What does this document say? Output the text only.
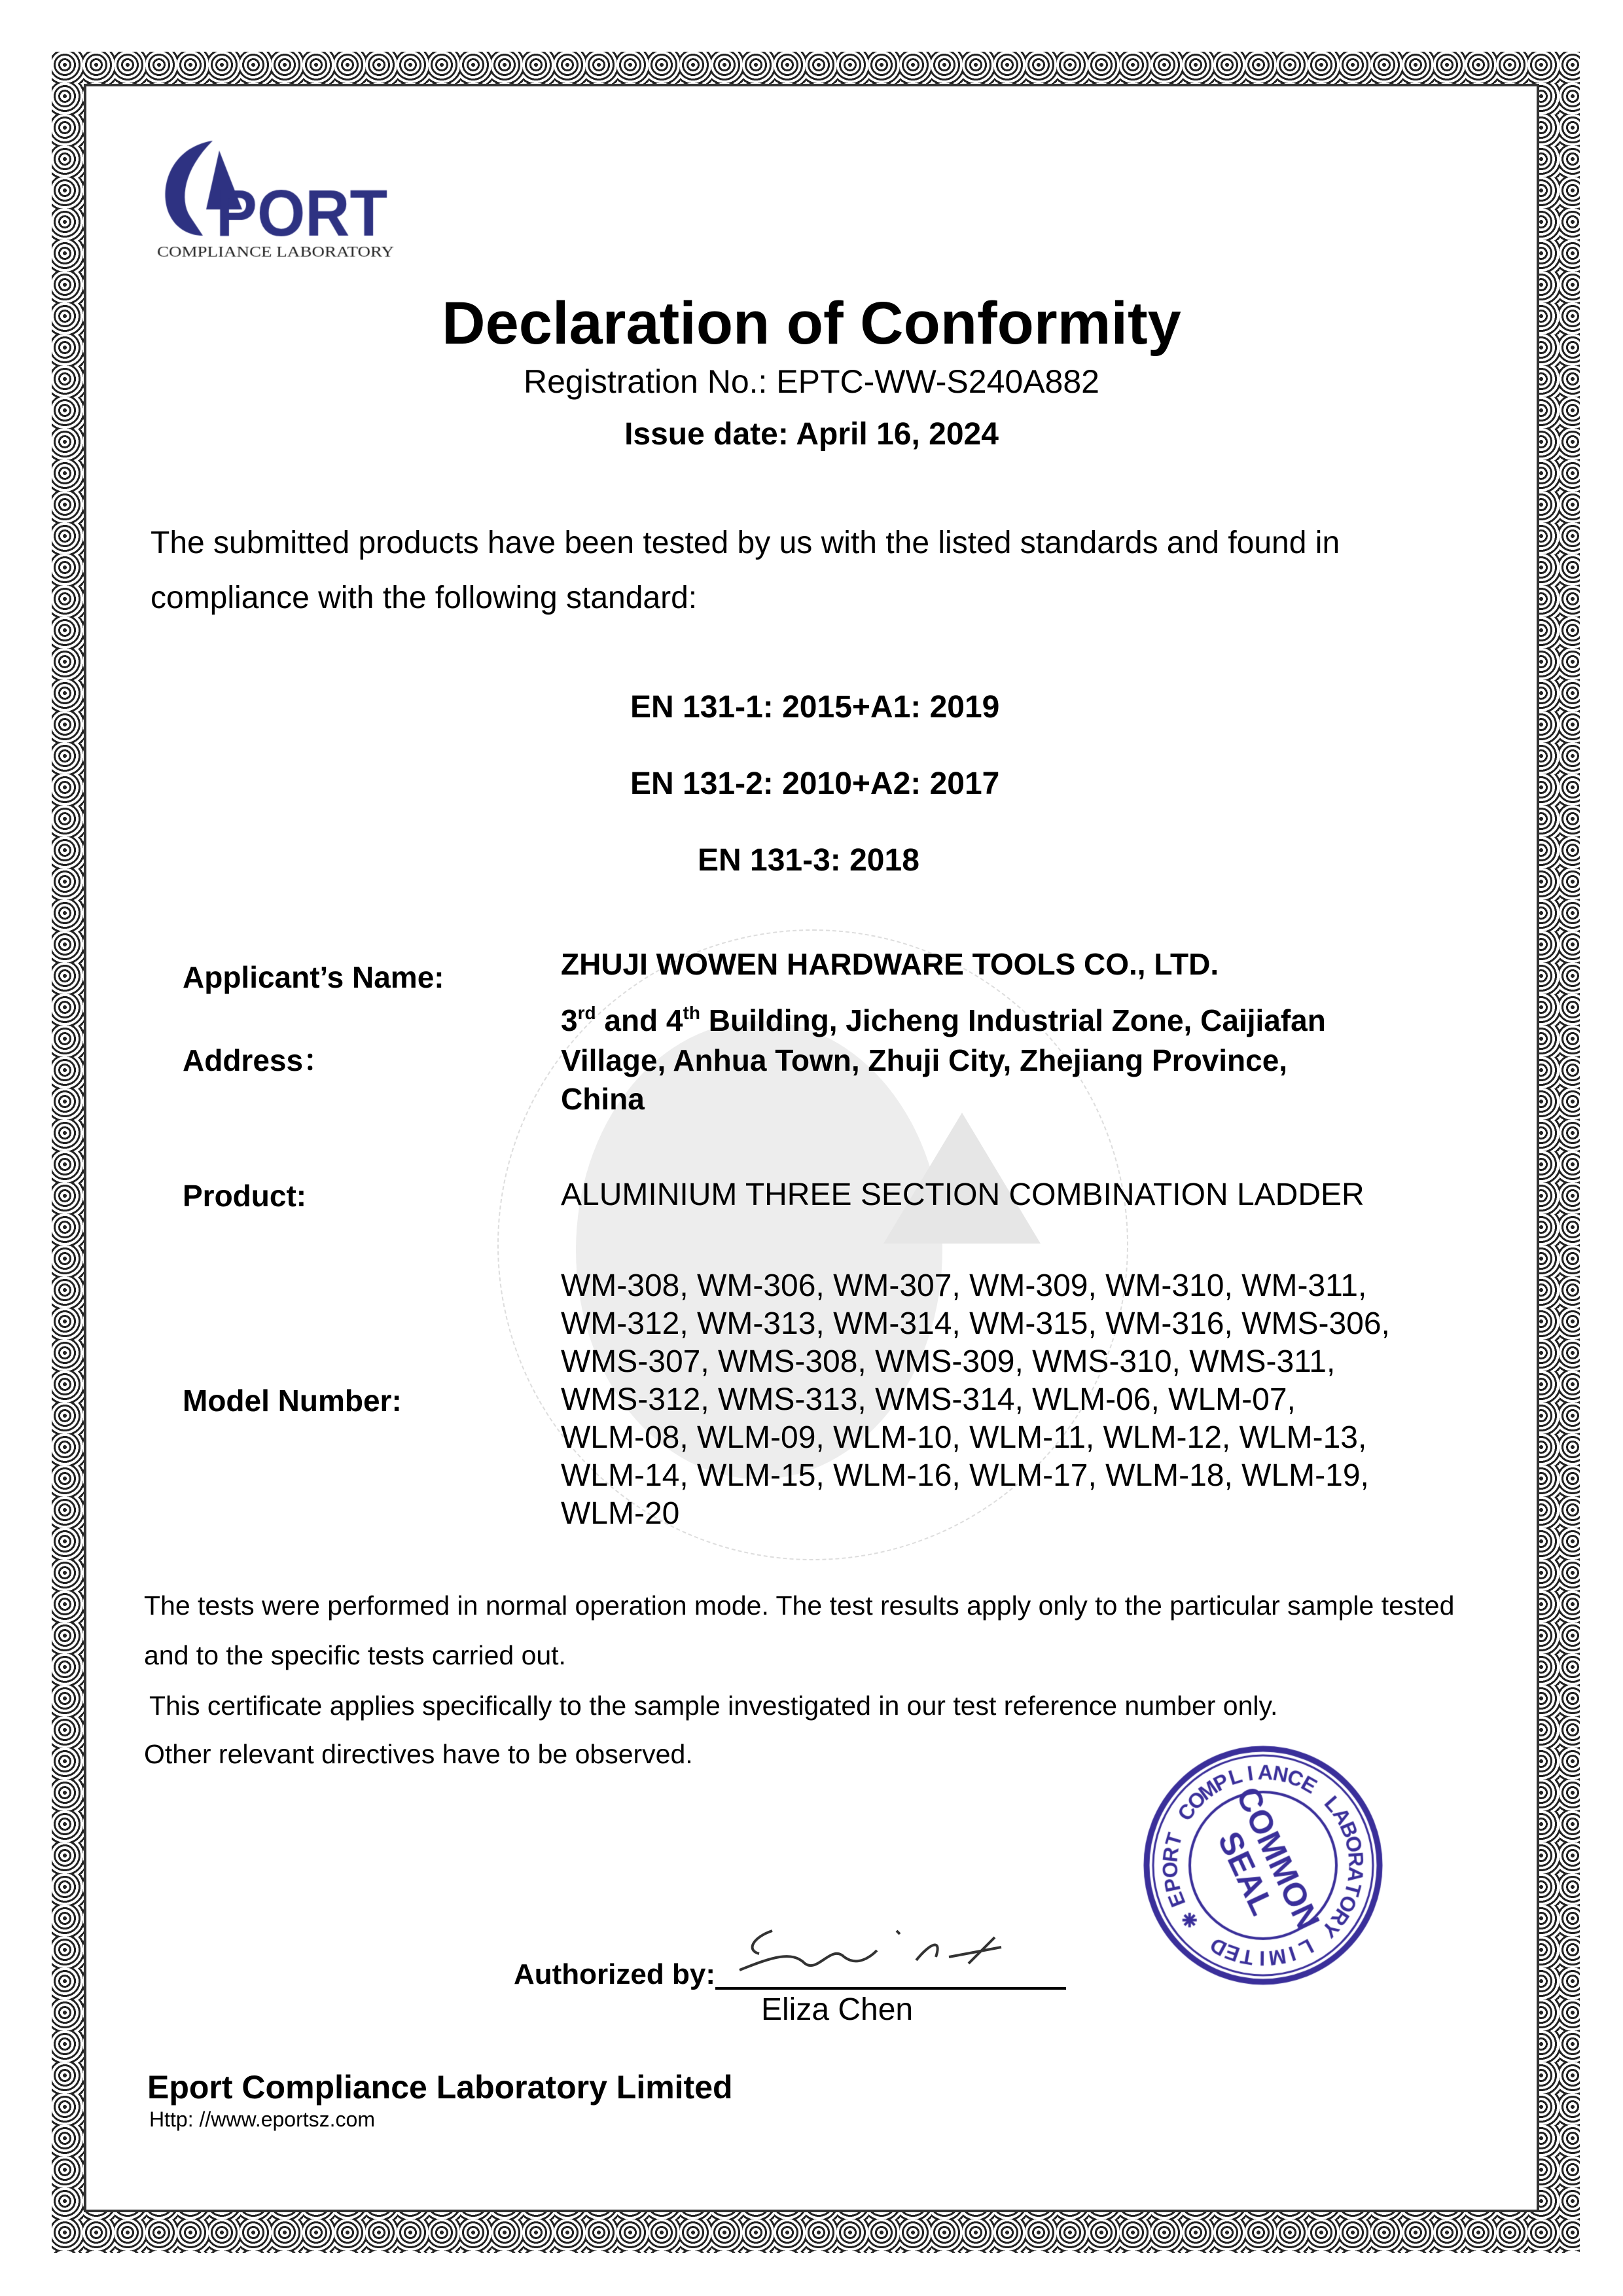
Declaration of Conformity
Registration No.: EPTC-WW-S240A882
Issue date: April 16, 2024
The submitted products have been tested by us with the listed standards and found in
compliance with the following standard:
EN 131-1: 2015+A1: 2019
EN 131-2: 2010+A2: 2017
EN 131-3: 2018
Applicant’s Name:	ZHUJI WOWEN HARDWARE TOOLS CO., LTD.
Address：
3rd and 4th Building, Jicheng Industrial Zone, Caijiafan
Village, Anhua Town, Zhuji City, Zhejiang Province,
China
Product:	ALUMINIUM THREE SECTION COMBINATION LADDER
Model Number:
WM-308, WM-306, WM-307, WM-309, WM-310, WM-311,
WM-312, WM-313, WM-314, WM-315, WM-316, WMS-306,
WMS-307, WMS-308, WMS-309, WMS-310, WMS-311,
WMS-312, WMS-313, WMS-314, WLM-06, WLM-07,
WLM-08, WLM-09, WLM-10, WLM-11, WLM-12, WLM-13,
WLM-14, WLM-15, WLM-16, WLM-17, WLM-18, WLM-19,
WLM-20
The tests were performed in normal operation mode. The test results apply only to the particular sample tested
and to the specific tests carried out.
This certificate applies specifically to the sample investigated in our test reference number only.
Other relevant directives have to be observed.
Authorized by:
Eliza Chen
Eport Compliance Laboratory Limited
Http: //www.eportsz.com
